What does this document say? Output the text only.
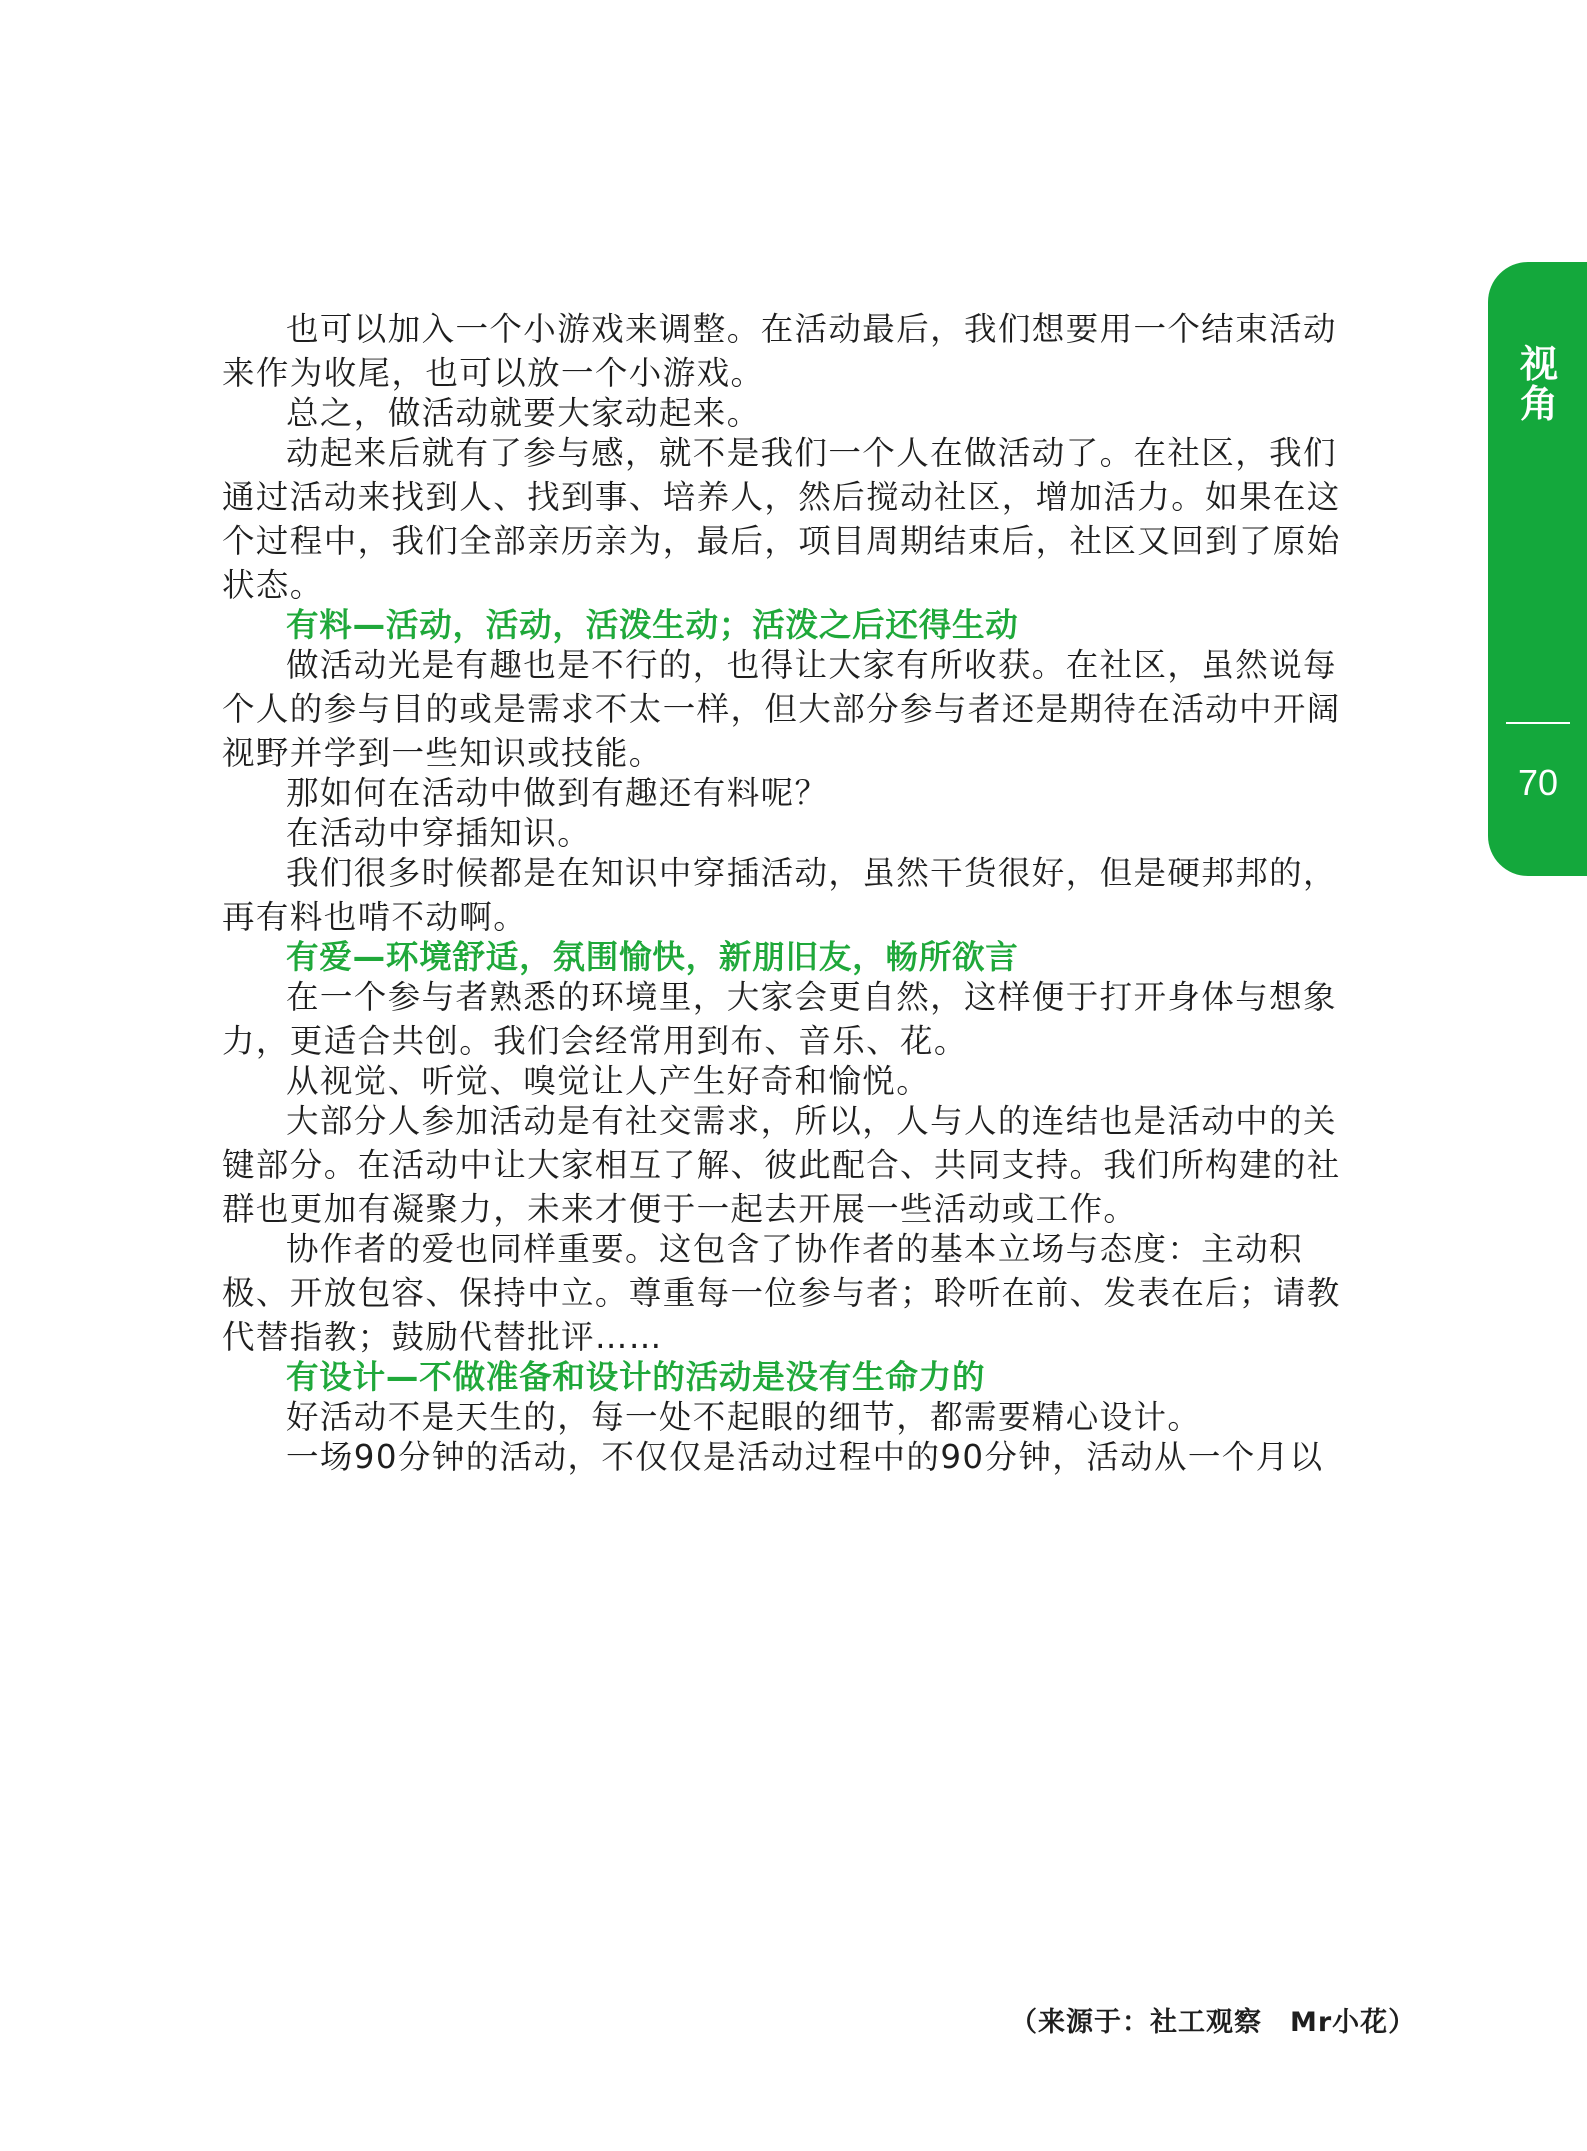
视
角
70
也可以加入一个小游戏来调整。在活动最后，我们想要用一个结束活动
来作为收尾，也可以放一个小游戏。
总之，做活动就要大家动起来。
动起来后就有了参与感，就不是我们一个人在做活动了。在社区，我们
通过活动来找到人、找到事、培养人，然后搅动社区，增加活力。如果在这
个过程中，我们全部亲历亲为，最后，项目周期结束后，社区又回到了原始
状态。
有料—活动，活动，活泼生动；活泼之后还得生动
做活动光是有趣也是不行的，也得让大家有所收获。在社区，虽然说每
个人的参与目的或是需求不太一样，但大部分参与者还是期待在活动中开阔
视野并学到一些知识或技能。
那如何在活动中做到有趣还有料呢？
在活动中穿插知识。
我们很多时候都是在知识中穿插活动，虽然干货很好，但是硬邦邦的，
再有料也啃不动啊。
有爱—环境舒适，氛围愉快，新朋旧友，畅所欲言
在一个参与者熟悉的环境里，大家会更自然，这样便于打开身体与想象
力，更适合共创。我们会经常用到布、音乐、花。
从视觉、听觉、嗅觉让人产生好奇和愉悦。
大部分人参加活动是有社交需求，所以，人与人的连结也是活动中的关
键部分。在活动中让大家相互了解、彼此配合、共同支持。我们所构建的社
群也更加有凝聚力，未来才便于一起去开展一些活动或工作。
协作者的爱也同样重要。这包含了协作者的基本立场与态度：主动积
极、开放包容、保持中立。尊重每一位参与者；聆听在前、发表在后；请教
代替指教；鼓励代替批评……
有设计—不做准备和设计的活动是没有生命力的
好活动不是天生的，每一处不起眼的细节，都需要精心设计。
一场90分钟的活动，不仅仅是活动过程中的90分钟，活动从一个月以
（来源于：社工观察　Mr小花）
